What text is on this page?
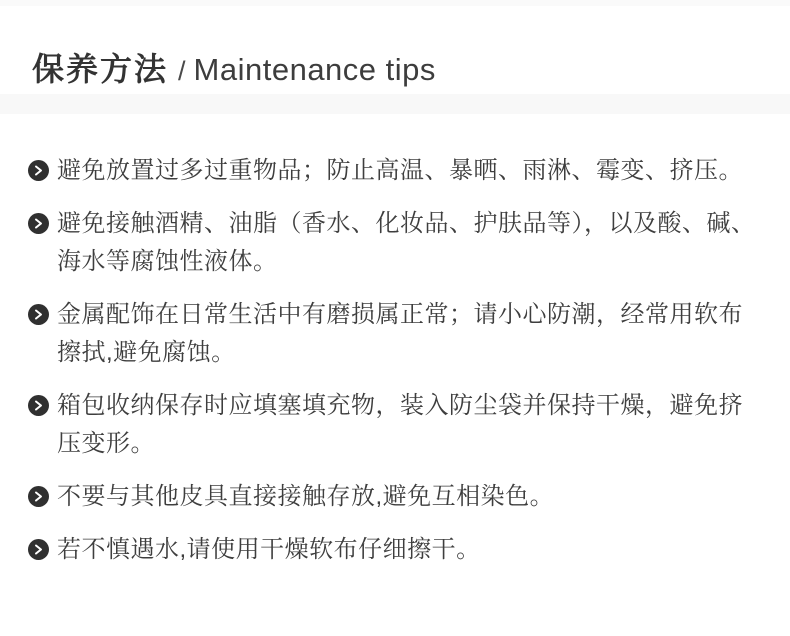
保养方法 / Maintenance tips
避免放置过多过重物品；防止高温、暴晒、雨淋、霉变、挤压。
避免接触酒精、油脂（香水、化妆品、护肤品等），以及酸、碱、海水等腐蚀性液体。
金属配饰在日常生活中有磨损属正常；请小心防潮，经常用软布擦拭,避免腐蚀。
箱包收纳保存时应填塞填充物，装入防尘袋并保持干燥，避免挤压变形。
不要与其他皮具直接接触存放,避免互相染色。
若不慎遇水,请使用干燥软布仔细擦干。
